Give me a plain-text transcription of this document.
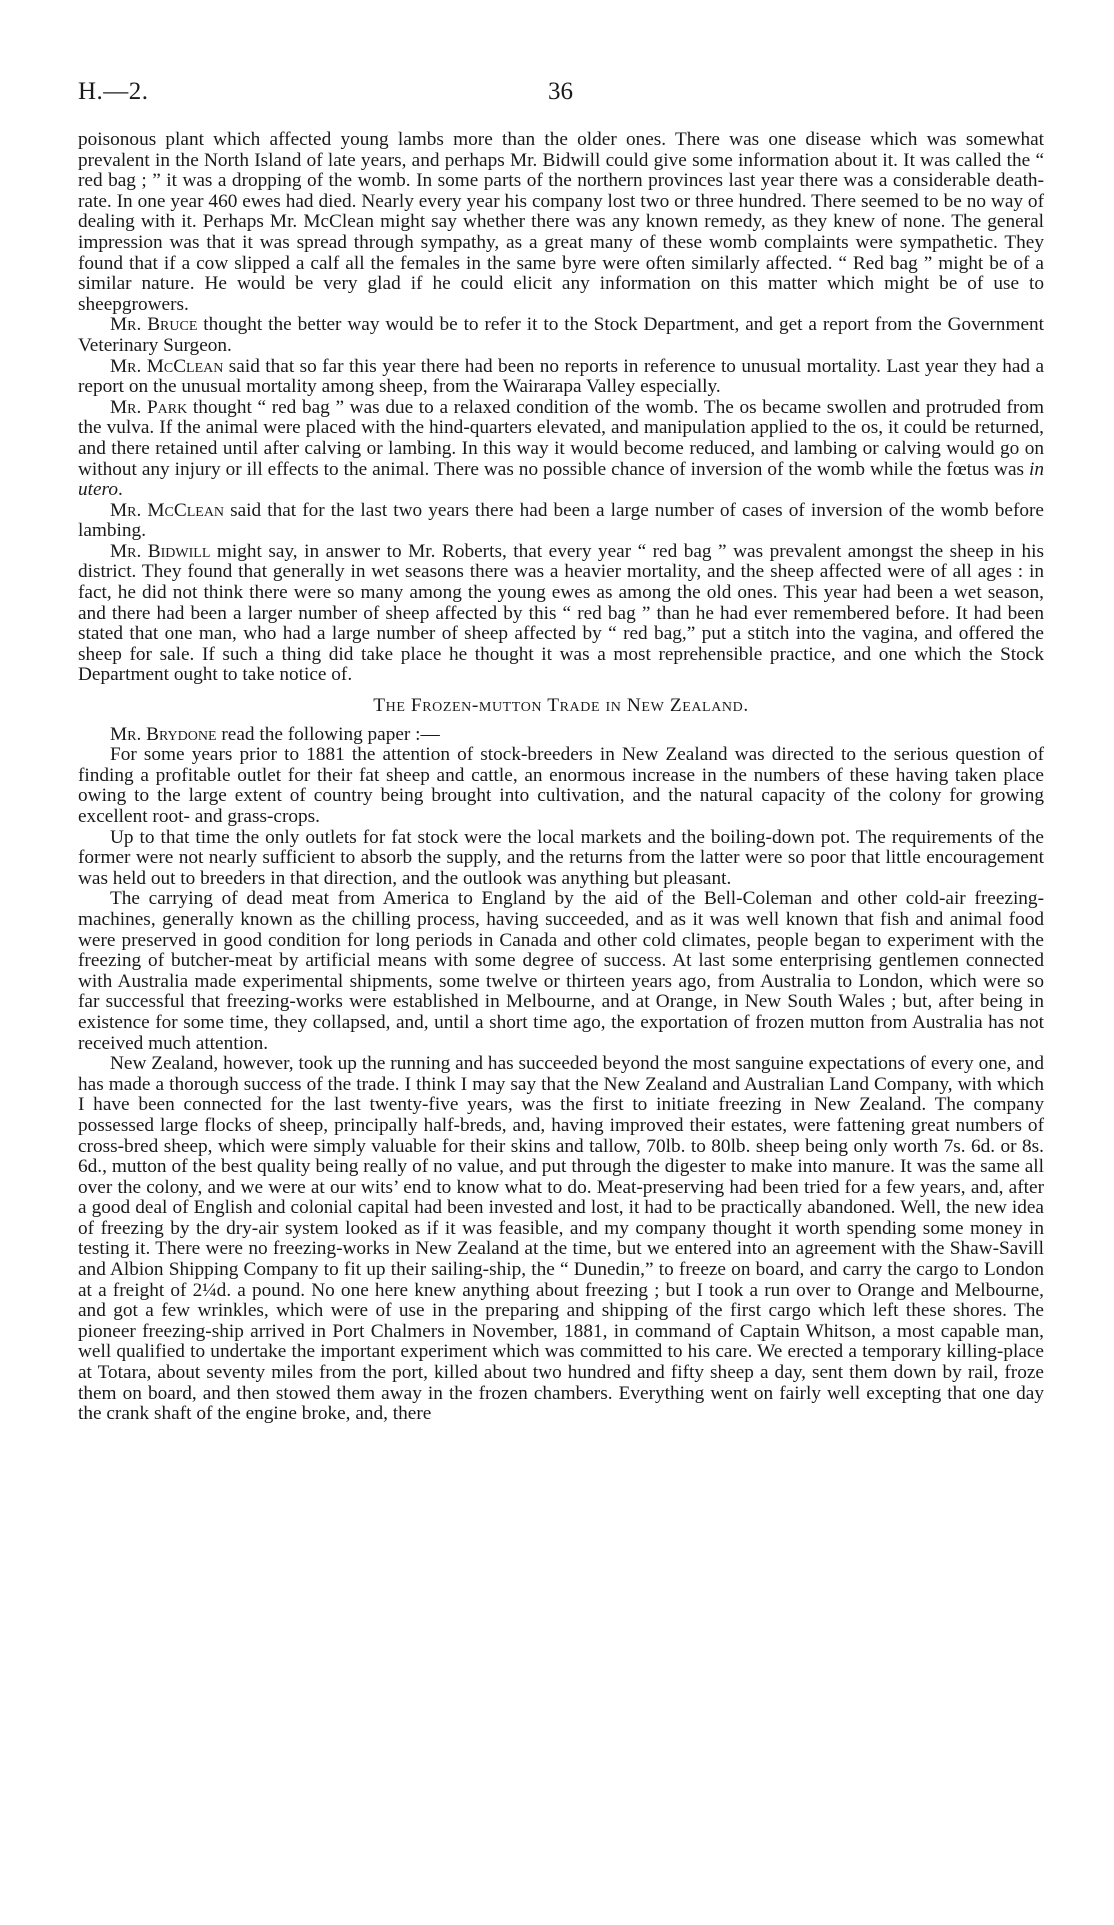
H.—2.	36

poisonous plant which affected young lambs more than the older ones. There was one disease which was somewhat prevalent in the North Island of late years, and perhaps Mr. Bidwill could give some information about it. It was called the “ red bag ; ” it was a dropping of the womb. In some parts of the northern provinces last year there was a considerable death-rate. In one year 460 ewes had died. Nearly every year his company lost two or three hundred. There seemed to be no way of dealing with it. Perhaps Mr. McClean might say whether there was any known remedy, as they knew of none. The general impression was that it was spread through sympathy, as a great many of these womb complaints were sympathetic. They found that if a cow slipped a calf all the females in the same byre were often similarly affected. “ Red bag ” might be of a similar nature. He would be very glad if he could elicit any information on this matter which might be of use to sheepgrowers.

Mr. Bruce thought the better way would be to refer it to the Stock Department, and get a report from the Government Veterinary Surgeon.

Mr. McClean said that so far this year there had been no reports in reference to unusual mortality. Last year they had a report on the unusual mortality among sheep, from the Wairarapa Valley especially.

Mr. Park thought “ red bag ” was due to a relaxed condition of the womb. The os became swollen and protruded from the vulva. If the animal were placed with the hind-quarters elevated, and manipulation applied to the os, it could be returned, and there retained until after calving or lambing. In this way it would become reduced, and lambing or calving would go on without any injury or ill effects to the animal. There was no possible chance of inversion of the womb while the fœtus was in utero.

Mr. McClean said that for the last two years there had been a large number of cases of inversion of the womb before lambing.

Mr. Bidwill might say, in answer to Mr. Roberts, that every year “ red bag ” was prevalent amongst the sheep in his district. They found that generally in wet seasons there was a heavier mortality, and the sheep affected were of all ages : in fact, he did not think there were so many among the young ewes as among the old ones. This year had been a wet season, and there had been a larger number of sheep affected by this “ red bag ” than he had ever remembered before. It had been stated that one man, who had a large number of sheep affected by “ red bag,” put a stitch into the vagina, and offered the sheep for sale. If such a thing did take place he thought it was a most reprehensible practice, and one which the Stock Department ought to take notice of.

The Frozen-mutton Trade in New Zealand.

Mr. Brydone read the following paper :—

For some years prior to 1881 the attention of stock-breeders in New Zealand was directed to the serious question of finding a profitable outlet for their fat sheep and cattle, an enormous increase in the numbers of these having taken place owing to the large extent of country being brought into cultivation, and the natural capacity of the colony for growing excellent root- and grass-crops.

Up to that time the only outlets for fat stock were the local markets and the boiling-down pot. The requirements of the former were not nearly sufficient to absorb the supply, and the returns from the latter were so poor that little encouragement was held out to breeders in that direction, and the outlook was anything but pleasant.

The carrying of dead meat from America to England by the aid of the Bell-Coleman and other cold-air freezing-machines, generally known as the chilling process, having succeeded, and as it was well known that fish and animal food were preserved in good condition for long periods in Canada and other cold climates, people began to experiment with the freezing of butcher-meat by artificial means with some degree of success. At last some enterprising gentlemen connected with Australia made experimental shipments, some twelve or thirteen years ago, from Australia to London, which were so far successful that freezing-works were established in Melbourne, and at Orange, in New South Wales ; but, after being in existence for some time, they collapsed, and, until a short time ago, the exportation of frozen mutton from Australia has not received much attention.

New Zealand, however, took up the running and has succeeded beyond the most sanguine expectations of every one, and has made a thorough success of the trade. I think I may say that the New Zealand and Australian Land Company, with which I have been connected for the last twenty-five years, was the first to initiate freezing in New Zealand. The company possessed large flocks of sheep, principally half-breds, and, having improved their estates, were fattening great numbers of cross-bred sheep, which were simply valuable for their skins and tallow, 70lb. to 80lb. sheep being only worth 7s. 6d. or 8s. 6d., mutton of the best quality being really of no value, and put through the digester to make into manure. It was the same all over the colony, and we were at our wits’ end to know what to do. Meat-preserving had been tried for a few years, and, after a good deal of English and colonial capital had been invested and lost, it had to be practically abandoned. Well, the new idea of freezing by the dry-air system looked as if it was feasible, and my company thought it worth spending some money in testing it. There were no freezing-works in New Zealand at the time, but we entered into an agreement with the Shaw-Savill and Albion Shipping Company to fit up their sailing-ship, the “ Dunedin,” to freeze on board, and carry the cargo to London at a freight of 2¼d. a pound. No one here knew anything about freezing ; but I took a run over to Orange and Melbourne, and got a few wrinkles, which were of use in the preparing and shipping of the first cargo which left these shores. The pioneer freezing-ship arrived in Port Chalmers in November, 1881, in command of Captain Whitson, a most capable man, well qualified to undertake the important experiment which was committed to his care. We erected a temporary killing-place at Totara, about seventy miles from the port, killed about two hundred and fifty sheep a day, sent them down by rail, froze them on board, and then stowed them away in the frozen chambers. Everything went on fairly well excepting that one day the crank shaft of the engine broke, and, there
